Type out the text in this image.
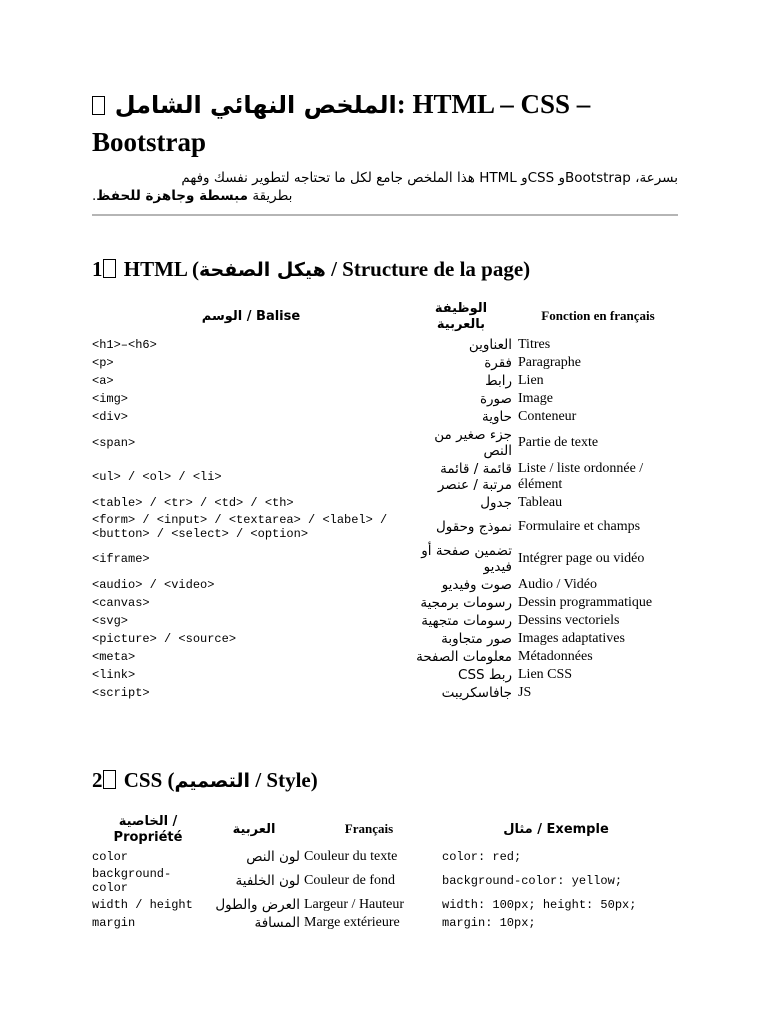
الملخص النهائي الشامل: HTML – CSS – Bootstrap
بسرعة، Bootstrapو CSSو HTML هذا الملخص جامع لكل ما تحتاجه لتطوير نفسك وفهم
بطريقة مبسطة وجاهزة للحفظ.
1 HTML (هيكل الصفحة / Structure de la page)
الوسم / Balise	الوظيفة بالعربية	Fonction en français
<h1>–<h6>	العناوين	Titres
<p>	فقرة	Paragraphe
<a>	رابط	Lien
<img>	صورة	Image
<div>	حاوية	Conteneur
<span>	جزء صغير من النص	Partie de texte
<ul> / <ol> / <li>	قائمة / قائمة مرتبة / عنصر	Liste / liste ordonnée / élément
<table> / <tr> / <td> / <th>	جدول	Tableau
<form> / <input> / <textarea> / <label> / <button> / <select> / <option>	نموذج وحقول	Formulaire et champs
<iframe>	تضمين صفحة أو فيديو	Intégrer page ou vidéo
<audio> / <video>	صوت وفيديو	Audio / Vidéo
<canvas>	رسومات برمجية	Dessin programmatique
<svg>	رسومات متجهية	Dessins vectoriels
<picture> / <source>	صور متجاوبة	Images adaptatives
<meta>	معلومات الصفحة	Métadonnées
<link>	ربط CSS	Lien CSS
<script>	جافاسكريبت	JS
2 CSS (التصميم / Style)
الخاصية / Propriété	العربية	Français	مثال / Exemple
color	لون النص	Couleur du texte	color: red;
background-color	لون الخلفية	Couleur de fond	background-color: yellow;
width / height	العرض والطول	Largeur / Hauteur	width: 100px; height: 50px;
margin	المسافة	Marge extérieure	margin: 10px;
